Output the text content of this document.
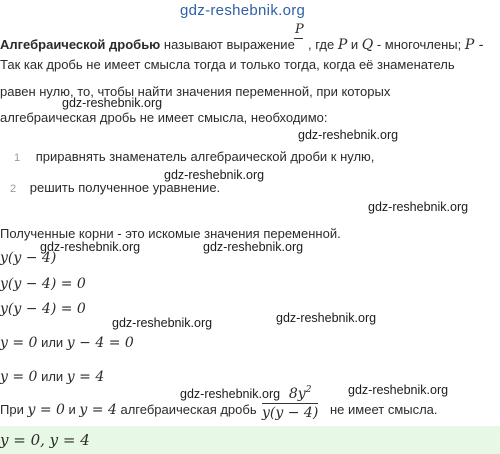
gdz-reshebnik.org
Алгебраической дробью называют выражение
P
, где P и Q - многочлены; P -
Так как дробь не имеет смысла тогда и только тогда, когда её знаменатель
равен нулю, то, чтобы найти значения переменной, при которых
gdz-reshebnik.org
алгебраическая дробь не имеет смысла, необходимо:
gdz-reshebnik.org
1 приравнять знаменатель алгебраической дроби к нулю,
gdz-reshebnik.org
2 решить полученное уравнение.
gdz-reshebnik.org
Полученные корни - это искомые значения переменной.
gdz-reshebnik.org	gdz-reshebnik.org
y(y − 4)
y(y − 4) = 0
y(y − 4) = 0
gdz-reshebnik.org	gdz-reshebnik.org
y = 0 или y − 4 = 0
y = 0 или y = 4
gdz-reshebnik.org	gdz-reshebnik.org
При y = 0 и y = 4 алгебраическая дробь
$8y^2$
y(y − 4) не имеет смысла.
y = 0, y = 4
